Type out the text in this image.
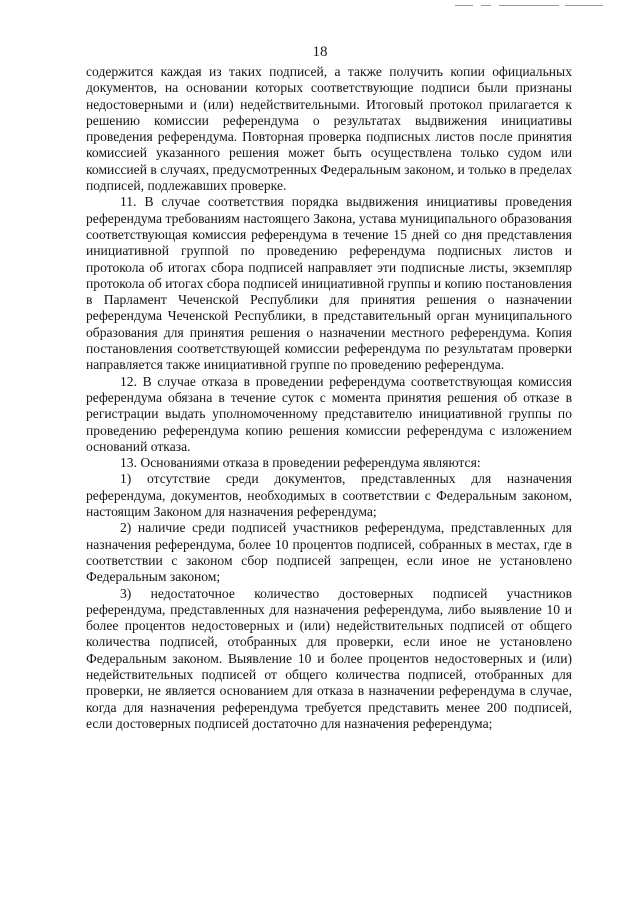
18

содержится каждая из таких подписей, а также получить копии официальных документов, на основании которых соответствующие подписи были признаны недостоверными и (или) недействительными. Итоговый протокол прилагается к решению комиссии референдума о результатах выдвижения инициативы проведения референдума. Повторная проверка подписных листов после принятия комиссией указанного решения может быть осуществлена только судом или комиссией в случаях, предусмотренных Федеральным законом, и только в пределах подписей, подлежавших проверке.

11. В случае соответствия порядка выдвижения инициативы проведения референдума требованиям настоящего Закона, устава муниципального образования соответствующая комиссия референдума в течение 15 дней со дня представления инициативной группой по проведению референдума подписных листов и протокола об итогах сбора подписей направляет эти подписные листы, экземпляр протокола об итогах сбора подписей инициативной группы и копию постановления в Парламент Чеченской Республики для принятия решения о назначении референдума Чеченской Республики, в представительный орган муниципального образования для принятия решения о назначении местного референдума. Копия постановления соответствующей комиссии референдума по результатам проверки направляется также инициативной группе по проведению референдума.

12. В случае отказа в проведении референдума соответствующая комиссия референдума обязана в течение суток с момента принятия решения об отказе в регистрации выдать уполномоченному представителю инициативной группы по проведению референдума копию решения комиссии референдума с изложением оснований отказа.

13. Основаниями отказа в проведении референдума являются:

1) отсутствие среди документов, представленных для назначения референдума, документов, необходимых в соответствии с Федеральным законом, настоящим Законом для назначения референдума;

2) наличие среди подписей участников референдума, представленных для назначения референдума, более 10 процентов подписей, собранных в местах, где в соответствии с законом сбор подписей запрещен, если иное не установлено Федеральным законом;

3) недостаточное количество достоверных подписей участников референдума, представленных для назначения референдума, либо выявление 10 и более процентов недостоверных и (или) недействительных подписей от общего количества подписей, отобранных для проверки, если иное не установлено Федеральным законом. Выявление 10 и более процентов недостоверных и (или) недействительных подписей от общего количества подписей, отобранных для проверки, не является основанием для отказа в назначении референдума в случае, когда для назначения референдума требуется представить менее 200 подписей, если достоверных подписей достаточно для назначения референдума;
